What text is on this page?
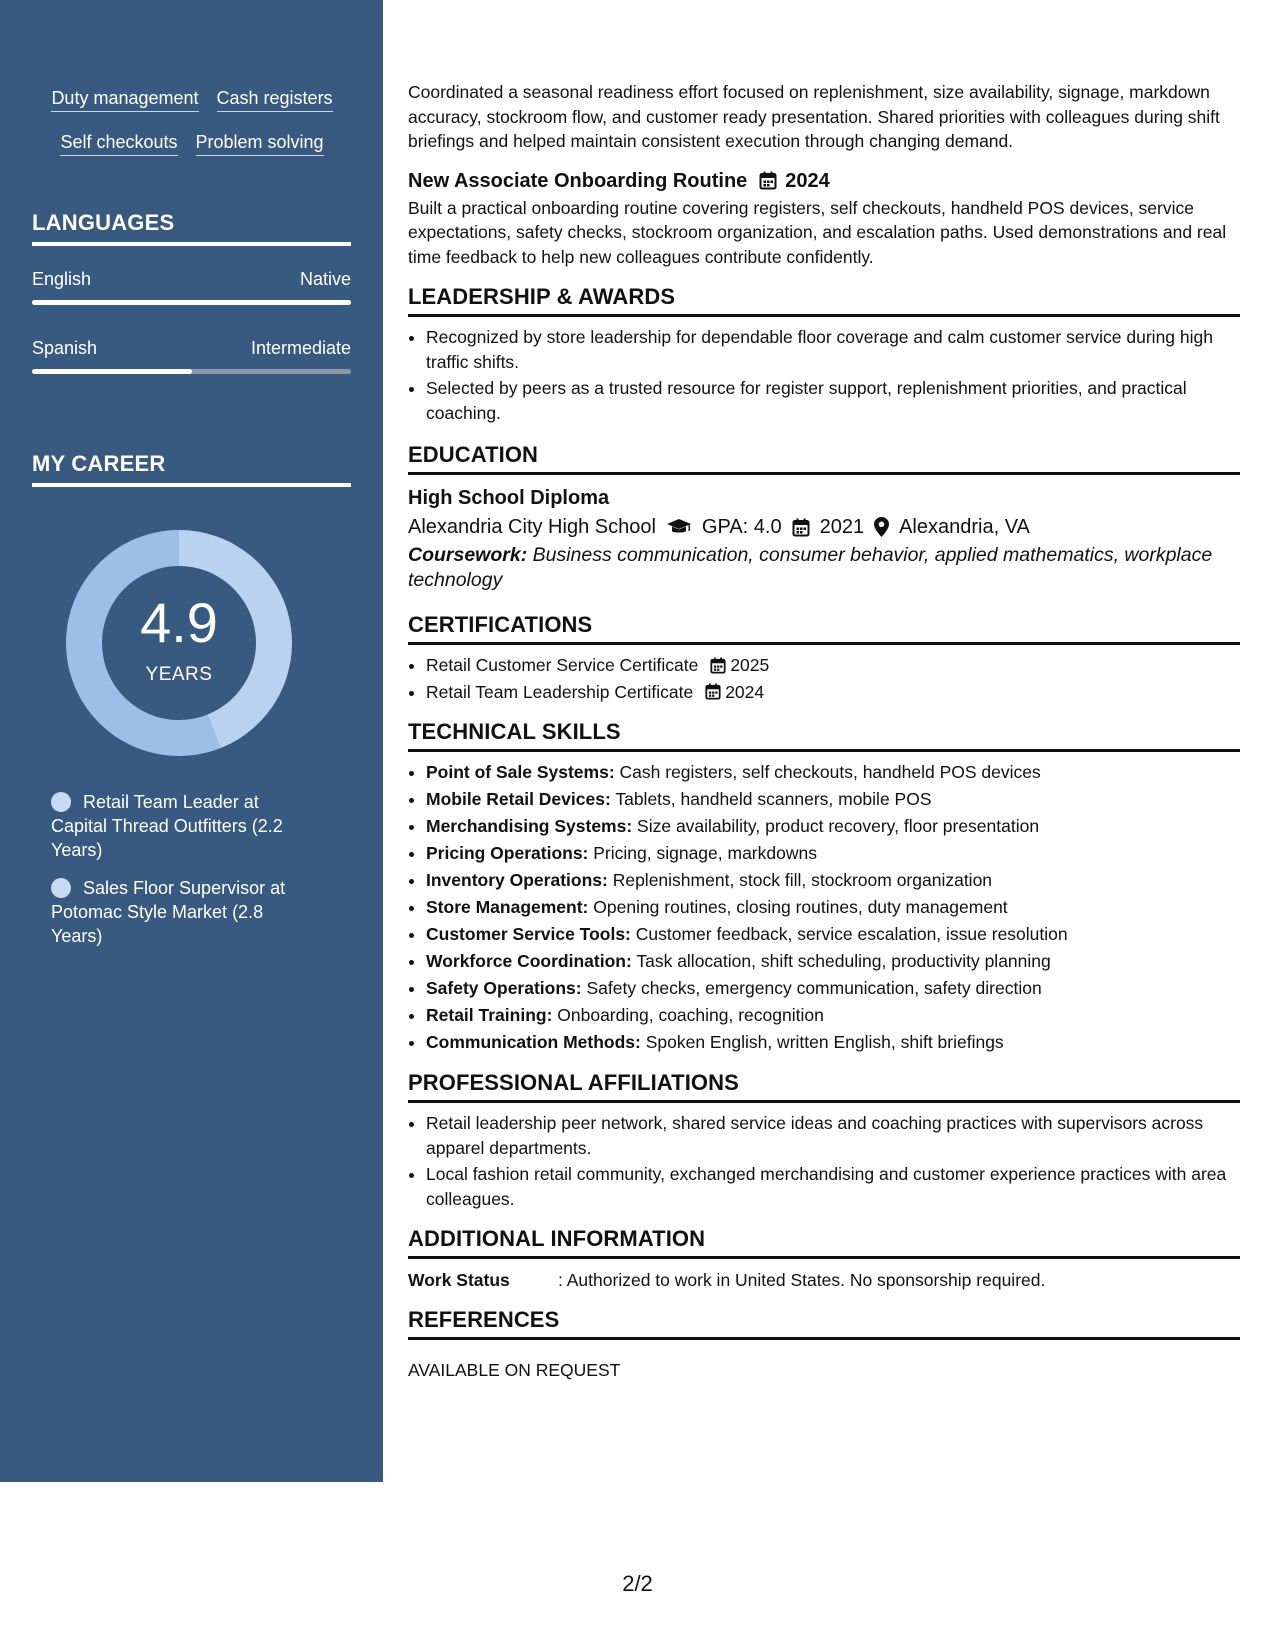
Duty management Cash registers
Self checkouts Problem solving
LANGUAGES
English	Native
Spanish	Intermediate
MY CAREER
4.9
YEARS
Retail Team Leader at Capital Thread Outfitters (2.2 Years)
Sales Floor Supervisor at Potomac Style Market (2.8 Years)

Coordinated a seasonal readiness effort focused on replenishment, size availability, signage, markdown accuracy, stockroom flow, and customer ready presentation. Shared priorities with colleagues during shift briefings and helped maintain consistent execution through changing demand.

New Associate Onboarding Routine 2024

Built a practical onboarding routine covering registers, self checkouts, handheld POS devices, service expectations, safety checks, stockroom organization, and escalation paths. Used demonstrations and real time feedback to help new colleagues contribute confidently.

LEADERSHIP & AWARDS
• Recognized by store leadership for dependable floor coverage and calm customer service during high traffic shifts.
• Selected by peers as a trusted resource for register support, replenishment priorities, and practical coaching.
EDUCATION
High School Diploma
Alexandria City High School GPA: 4.0 2021 Alexandria, VA
Coursework: Business communication, consumer behavior, applied mathematics, workplace technology
CERTIFICATIONS
• Retail Customer Service Certificate 2025
• Retail Team Leadership Certificate 2024
TECHNICAL SKILLS
• Point of Sale Systems: Cash registers, self checkouts, handheld POS devices
• Mobile Retail Devices: Tablets, handheld scanners, mobile POS
• Merchandising Systems: Size availability, product recovery, floor presentation
• Pricing Operations: Pricing, signage, markdowns
• Inventory Operations: Replenishment, stock fill, stockroom organization
• Store Management: Opening routines, closing routines, duty management
• Customer Service Tools: Customer feedback, service escalation, issue resolution
• Workforce Coordination: Task allocation, shift scheduling, productivity planning
• Safety Operations: Safety checks, emergency communication, safety direction
• Retail Training: Onboarding, coaching, recognition
• Communication Methods: Spoken English, written English, shift briefings
PROFESSIONAL AFFILIATIONS
• Retail leadership peer network, shared service ideas and coaching practices with supervisors across apparel departments.
• Local fashion retail community, exchanged merchandising and customer experience practices with area colleagues.
ADDITIONAL INFORMATION
Work Status	: Authorized to work in United States. No sponsorship required.
REFERENCES
AVAILABLE ON REQUEST
2/2
